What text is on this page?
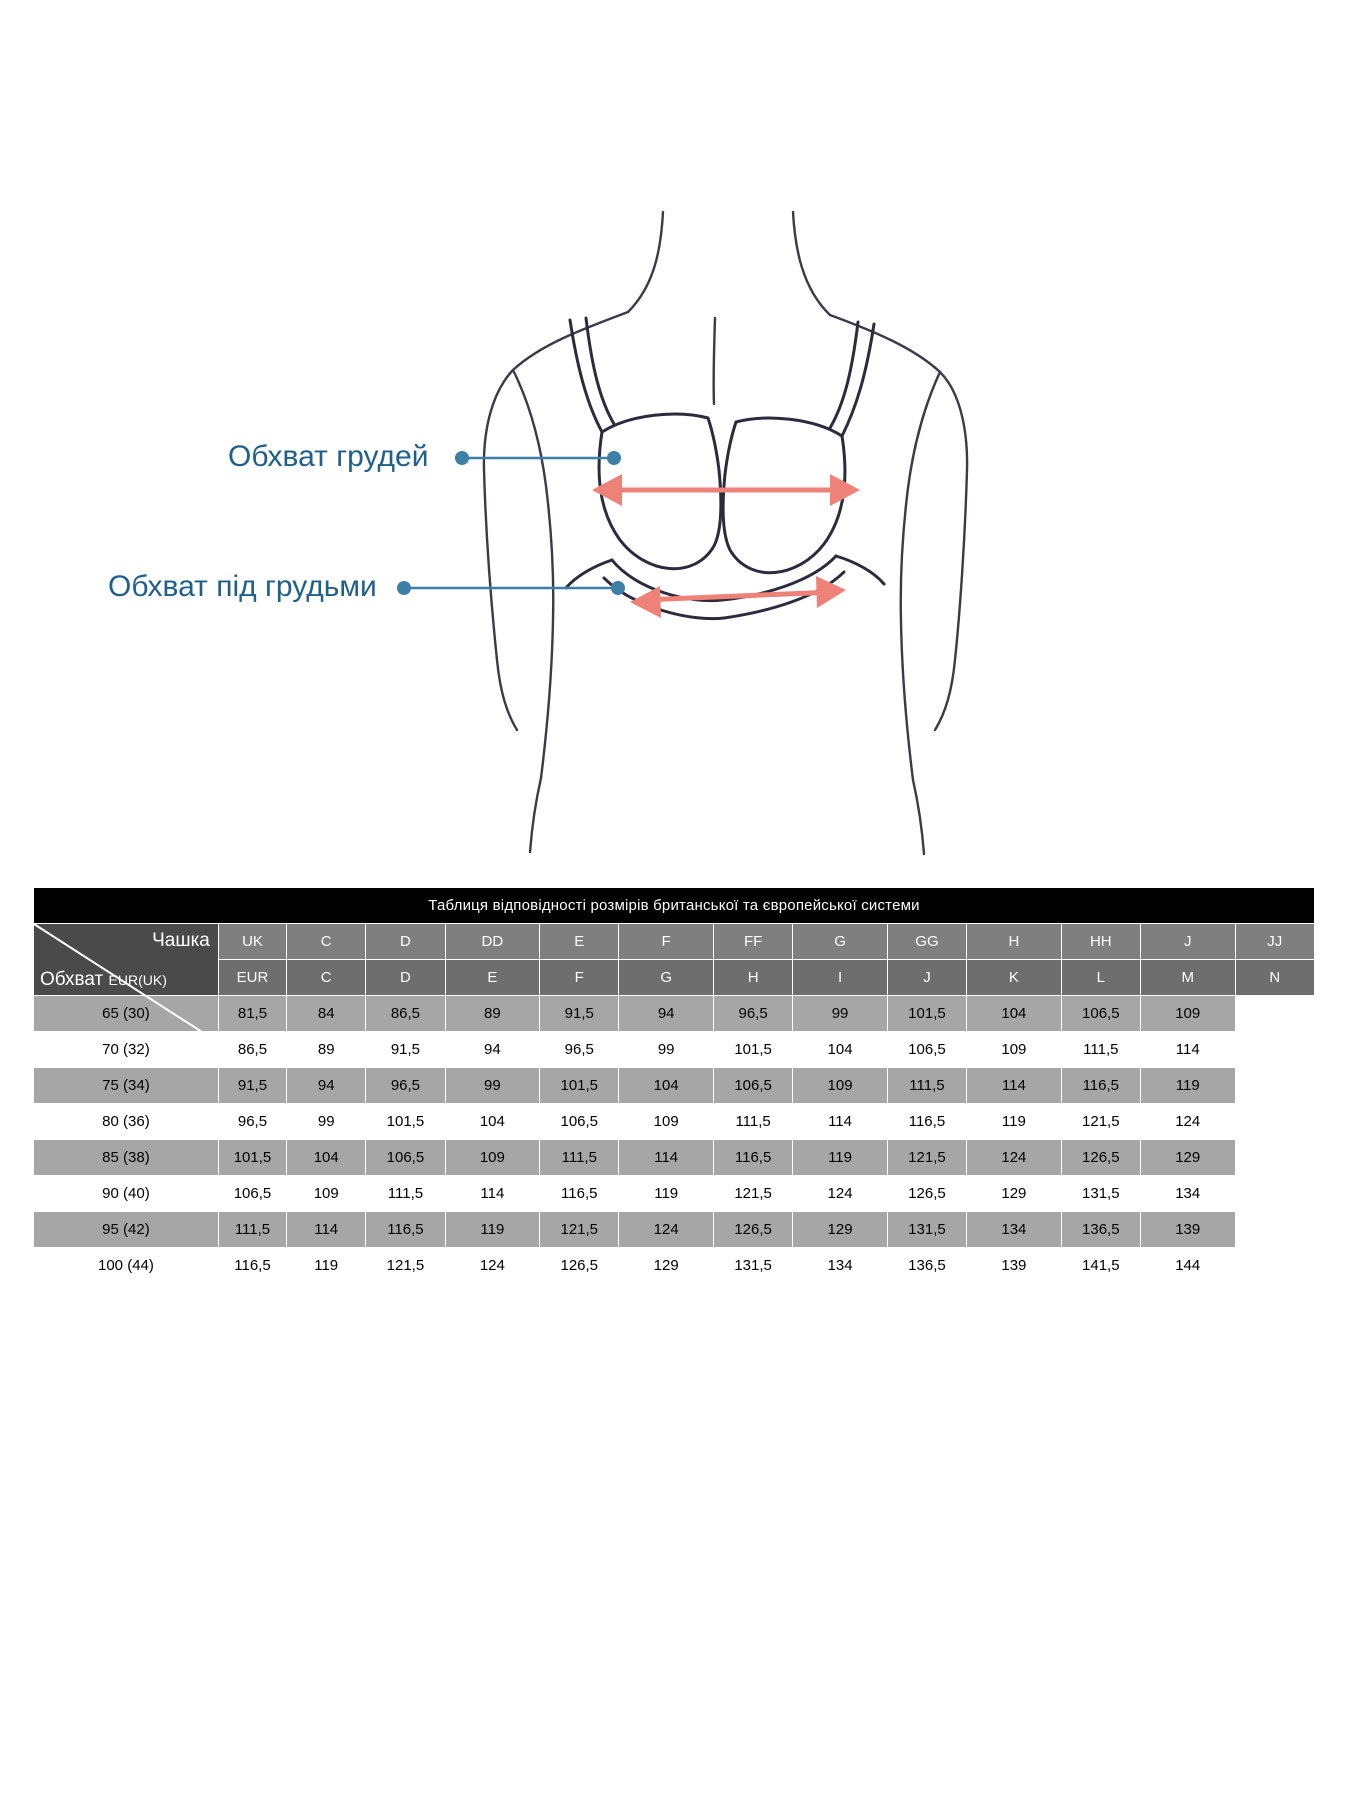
Обхват грудей
Обхват під грудьми
Таблиця відповідності розмірів британської та європейської системи													

Чашка
Обхват EUR(UK)	UK	C	D	DD	E	F	FF	G	GG	H	HH	J	JJ
	EUR	C	D	E	F	G	H	I	J	K	L	M	N
65 (30)	81,5	84	86,5	89	91,5	94	96,5	99	101,5	104	106,5	109	
70 (32)	86,5	89	91,5	94	96,5	99	101,5	104	106,5	109	111,5	114	
75 (34)	91,5	94	96,5	99	101,5	104	106,5	109	111,5	114	116,5	119	
80 (36)	96,5	99	101,5	104	106,5	109	111,5	114	116,5	119	121,5	124	
85 (38)	101,5	104	106,5	109	111,5	114	116,5	119	121,5	124	126,5	129	
90 (40)	106,5	109	111,5	114	116,5	119	121,5	124	126,5	129	131,5	134	
95 (42)	111,5	114	116,5	119	121,5	124	126,5	129	131,5	134	136,5	139	
100 (44)	116,5	119	121,5	124	126,5	129	131,5	134	136,5	139	141,5	144	
